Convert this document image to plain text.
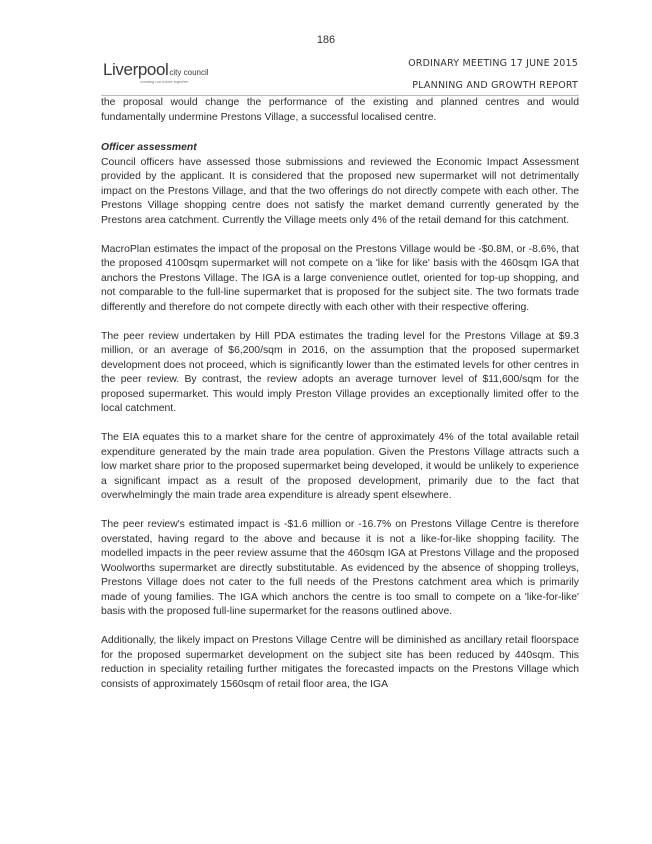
186
Liverpoolcity council
creating our future together
ORDINARY MEETING 17 JUNE 2015
PLANNING AND GROWTH REPORT

the proposal would change the performance of the existing and planned centres and would fundamentally undermine Prestons Village, a successful localised centre.

Officer assessment

Council officers have assessed those submissions and reviewed the Economic Impact Assessment provided by the applicant. It is considered that the proposed new supermarket will not detrimentally impact on the Prestons Village, and that the two offerings do not directly compete with each other. The Prestons Village shopping centre does not satisfy the market demand currently generated by the Prestons area catchment. Currently the Village meets only 4% of the retail demand for this catchment.

MacroPlan estimates the impact of the proposal on the Prestons Village would be -$0.8M, or -8.6%, that the proposed 4100sqm supermarket will not compete on a 'like for like' basis with the 460sqm IGA that anchors the Prestons Village. The IGA is a large convenience outlet, oriented for top-up shopping, and not comparable to the full-line supermarket that is proposed for the subject site. The two formats trade differently and therefore do not compete directly with each other with their respective offering.

The peer review undertaken by Hill PDA estimates the trading level for the Prestons Village at $9.3 million, or an average of $6,200/sqm in 2016, on the assumption that the proposed supermarket development does not proceed, which is significantly lower than the estimated levels for other centres in the peer review. By contrast, the review adopts an average turnover level of $11,600/sqm for the proposed supermarket. This would imply Preston Village provides an exceptionally limited offer to the local catchment.

The EIA equates this to a market share for the centre of approximately 4% of the total available retail expenditure generated by the main trade area population. Given the Prestons Village attracts such a low market share prior to the proposed supermarket being developed, it would be unlikely to experience a significant impact as a result of the proposed development, primarily due to the fact that overwhelmingly the main trade area expenditure is already spent elsewhere.

The peer review's estimated impact is -$1.6 million or -16.7% on Prestons Village Centre is therefore overstated, having regard to the above and because it is not a like-for-like shopping facility. The modelled impacts in the peer review assume that the 460sqm IGA at Prestons Village and the proposed Woolworths supermarket are directly substitutable. As evidenced by the absence of shopping trolleys, Prestons Village does not cater to the full needs of the Prestons catchment area which is primarily made of young families. The IGA which anchors the centre is too small to compete on a 'like-for-like' basis with the proposed full-line supermarket for the reasons outlined above.

Additionally, the likely impact on Prestons Village Centre will be diminished as ancillary retail floorspace for the proposed supermarket development on the subject site has been reduced by 440sqm. This reduction in speciality retailing further mitigates the forecasted impacts on the Prestons Village which consists of approximately 1560sqm of retail floor area, the IGA
